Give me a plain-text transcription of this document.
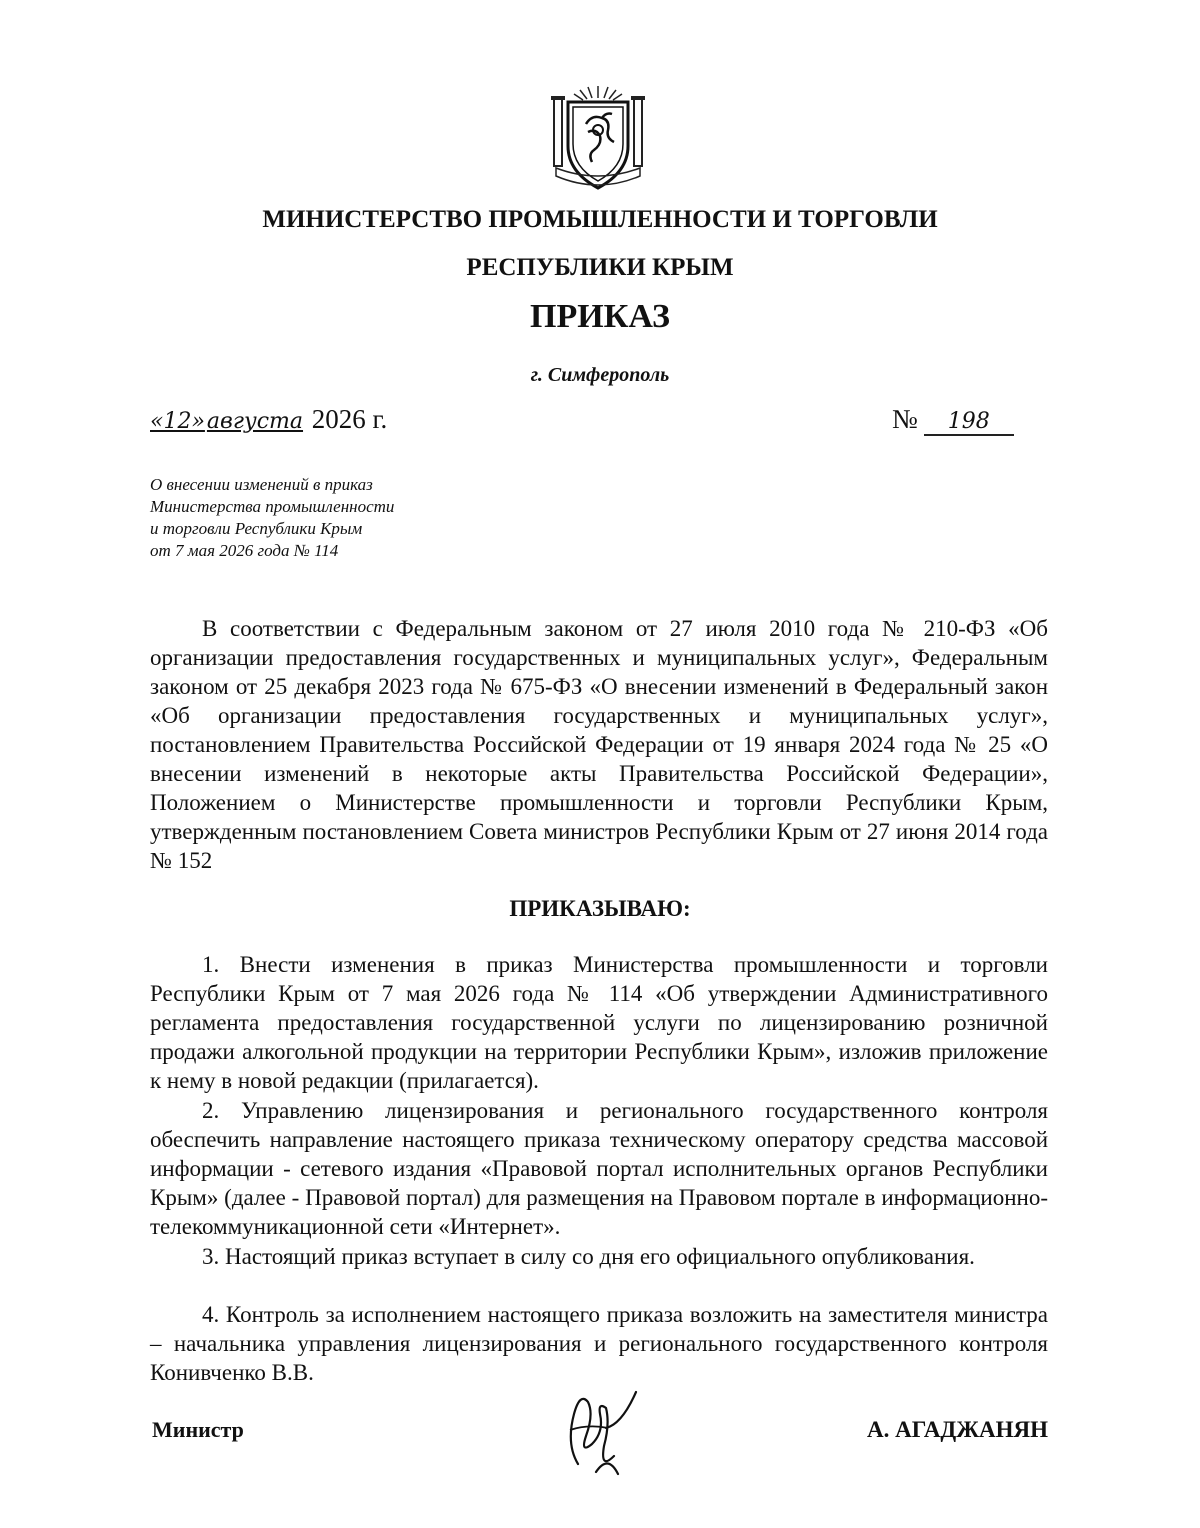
МИНИСТЕРСТВО ПРОМЫШЛЕННОСТИ И ТОРГОВЛИ
РЕСПУБЛИКИ КРЫМ
ПРИКАЗ
г. Симферополь
«12»августа 2026 г.	№ 198
О внесении изменений в приказ
Министерства промышленности
и торговли Республики Крым
от 7 мая 2026 года № 114
В соответствии с Федеральным законом от 27 июля 2010 года № 210-ФЗ «Об организации предоставления государственных и муниципальных услуг», Федеральным законом от 25 декабря 2023 года № 675-ФЗ «О внесении изменений в Федеральный закон «Об организации предоставления государственных и муниципальных услуг», постановлением Правительства Российской Федерации от 19 января 2024 года № 25 «О внесении изменений в некоторые акты Правительства Российской Федерации», Положением о Министерстве промышленности и торговли Республики Крым, утвержденным постановлением Совета министров Республики Крым от 27 июня 2014 года № 152
ПРИКАЗЫВАЮ:
1. Внести изменения в приказ Министерства промышленности и торговли Республики Крым от 7 мая 2026 года № 114 «Об утверждении Административного регламента предоставления государственной услуги по лицензированию розничной продажи алкогольной продукции на территории Республики Крым», изложив приложение к нему в новой редакции (прилагается).
2. Управлению лицензирования и регионального государственного контроля обеспечить направление настоящего приказа техническому оператору средства массовой информации - сетевого издания «Правовой портал исполнительных органов Республики Крым» (далее - Правовой портал) для размещения на Правовом портале в информационно-телекоммуникационной сети «Интернет».
3. Настоящий приказ вступает в силу со дня его официального опубликования.
4. Контроль за исполнением настоящего приказа возложить на заместителя министра – начальника управления лицензирования и регионального государственного контроля Конивченко В.В.
Министр	А. АГАДЖАНЯН
